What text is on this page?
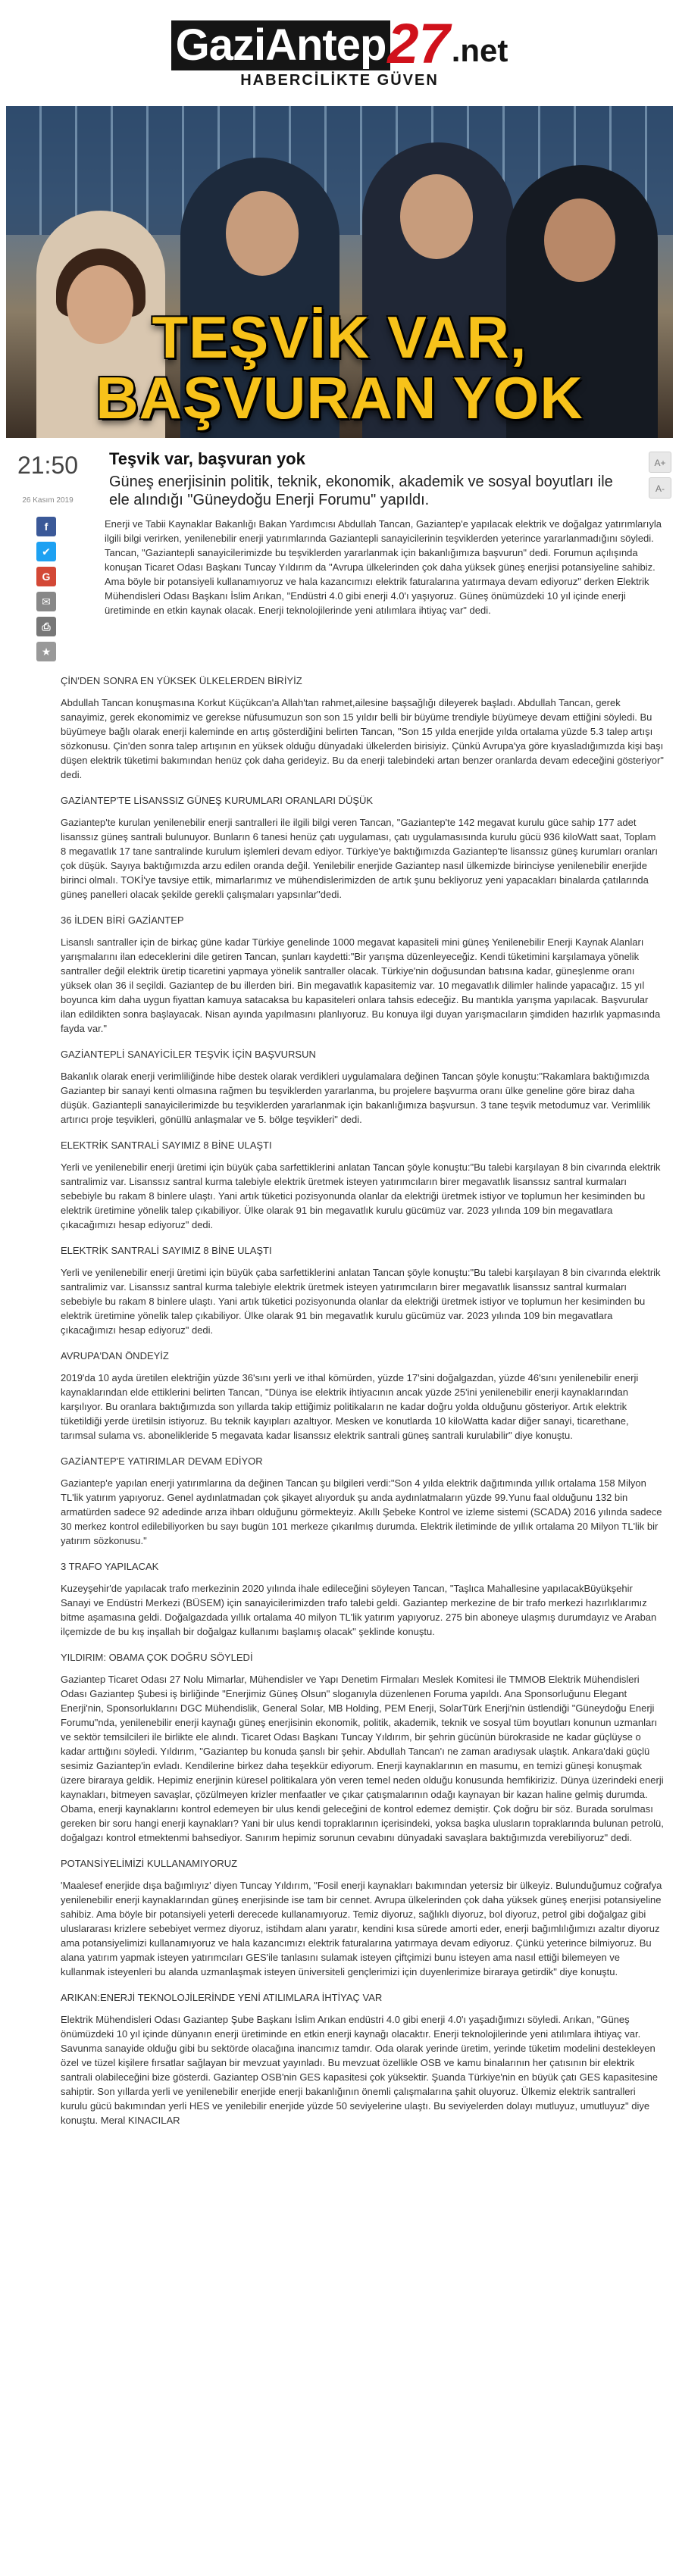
GaziAntep 27 .net
HABERCİLİKTE GÜVEN
TEŞVİK VAR,
BAŞVURAN YOK
21:50
26 Kasım 2019
Teşvik var, başvuran yok

Güneş enerjisinin politik, teknik, ekonomik, akademik ve sosyal boyutları ile ele alındığı "Güneydoğu Enerji Forumu" yapıldı.

A+
A-
f
✔
G
✉
⎙
★

Enerji ve Tabii Kaynaklar Bakanlığı Bakan Yardımcısı Abdullah Tancan, Gaziantep'e yapılacak elektrik ve doğalgaz yatırımlarıyla ilgili bilgi verirken, yenilenebilir enerji yatırımlarında Gaziantepli sanayicilerinin teşviklerden yeterince yararlanmadığını söyledi. Tancan, "Gaziantepli sanayicilerimizde bu teşviklerden yararlanmak için bakanlığımıza başvurun" dedi. Forumun açılışında konuşan Ticaret Odası Başkanı Tuncay Yıldırım da "Avrupa ülkelerinden çok daha yüksek güneş enerjisi potansiyeline sahibiz. Ama böyle bir potansiyeli kullanamıyoruz ve hala kazancımızı elektrik faturalarına yatırmaya devam ediyoruz" derken Elektrik Mühendisleri Odası Başkanı İslim Arıkan, "Endüstri 4.0 gibi enerji 4.0'ı yaşıyoruz. Güneş önümüzdeki 10 yıl içinde enerji üretiminde en etkin kaynak olacak. Enerji teknolojilerinde yeni atılımlara ihtiyaç var" dedi.

ÇİN'DEN SONRA EN YÜKSEK ÜLKELERDEN BİRİYİZ

Abdullah Tancan konuşmasına Korkut Küçükcan'a Allah'tan rahmet,ailesine başsağlığı dileyerek başladı. Abdullah Tancan, gerek sanayimiz, gerek ekonomimiz ve gerekse nüfusumuzun son son 15 yıldır belli bir büyüme trendiyle büyümeye devam ettiğini söyledi. Bu büyümeye bağlı olarak enerji kaleminde en artış gösterdiğini belirten Tancan, "Son 15 yılda enerjide yılda ortalama yüzde 5.3 talep artışı sözkonusu. Çin'den sonra talep artışının en yüksek olduğu dünyadaki ülkelerden birisiyiz. Çünkü Avrupa'ya göre kıyasladığımızda kişi başı düşen elektrik tüketimi bakımından henüz çok daha gerideyiz. Bu da enerji talebindeki artan benzer oranlarda devam edeceğini gösteriyor" dedi.

GAZİANTEP'TE LİSANSSIZ GÜNEŞ KURUMLARI ORANLARI DÜŞÜK

Gaziantep'te kurulan yenilenebilir enerji santralleri ile ilgili bilgi veren Tancan, "Gaziantep'te 142 megavat kurulu güce sahip 177 adet lisanssız güneş santrali bulunuyor. Bunların 6 tanesi henüz çatı uygulaması, çatı uygulamasısında kurulu gücü 936 kiloWatt saat, Toplam 8 megavatlık 17 tane santralinde kurulum işlemleri devam ediyor. Türkiye'ye baktığımızda Gaziantep'te lisanssız güneş kurumları oranları çok düşük. Sayıya baktığımızda arzu edilen oranda değil. Yenilebilir enerjide Gaziantep nasıl ülkemizde birinciyse yenilenebilir enerjide birinci olmalı. TOKİ'ye tavsiye ettik, mimarlarımız ve mühendislerimizden de artık şunu bekliyoruz yeni yapacakları binalarda çatılarında güneş panelleri olacak şekilde gerekli çalışmaları yapsınlar"dedi.

36 İLDEN BİRİ GAZİANTEP

Lisanslı santraller için de birkaç güne kadar Türkiye genelinde 1000 megavat kapasiteli mini güneş Yenilenebilir Enerji Kaynak Alanları yarışmalarını ilan edeceklerini dile getiren Tancan, şunları kaydetti:"Bir yarışma düzenleyeceğiz. Kendi tüketimini karşılamaya yönelik santraller değil elektrik üretip ticaretini yapmaya yönelik santraller olacak. Türkiye'nin doğusundan batısına kadar, güneşlenme oranı yüksek olan 36 il seçildi. Gaziantep de bu illerden biri. Bin megavatlık kapasitemiz var. 10 megavatlık dilimler halinde yapacağız. 15 yıl boyunca kim daha uygun fiyattan kamuya satacaksa bu kapasiteleri onlara tahsis edeceğiz. Bu mantıkla yarışma yapılacak. Başvurular ilan edildikten sonra başlayacak. Nisan ayında yapılmasını planlıyoruz. Bu konuya ilgi duyan yarışmacıların şimdiden hazırlık yapmasında fayda var."

GAZİANTEPLİ SANAYİCİLER TEŞVİK İÇİN BAŞVURSUN

Bakanlık olarak enerji verimliliğinde hibe destek olarak verdikleri uygulamalara değinen Tancan şöyle konuştu:"Rakamlara baktığımızda Gaziantep bir sanayi kenti olmasına rağmen bu teşviklerden yararlanma, bu projelere başvurma oranı ülke geneline göre biraz daha düşük. Gaziantepli sanayicilerimizde bu teşviklerden yararlanmak için bakanlığımıza başvursun. 3 tane teşvik metodumuz var. Verimlilik artırıcı proje teşvikleri, gönüllü anlaşmalar ve 5. bölge teşvikleri" dedi.

ELEKTRİK SANTRALİ SAYIMIZ 8 BİNE ULAŞTI

Yerli ve yenilenebilir enerji üretimi için büyük çaba sarfettiklerini anlatan Tancan şöyle konuştu:"Bu talebi karşılayan 8 bin civarında elektrik santralimiz var. Lisanssız santral kurma talebiyle elektrik üretmek isteyen yatırımcıların birer megavatlık lisanssız santral kurmaları sebebiyle bu rakam 8 binlere ulaştı. Yani artık tüketici pozisyonunda olanlar da elektriği üretmek istiyor ve toplumun her kesiminden bu elektrik üretimine yönelik talep çıkabiliyor. Ülke olarak 91 bin megavatlık kurulu gücümüz var. 2023 yılında 109 bin megavatlara çıkacağımızı hesap ediyoruz" dedi.

ELEKTRİK SANTRALİ SAYIMIZ 8 BİNE ULAŞTI

Yerli ve yenilenebilir enerji üretimi için büyük çaba sarfettiklerini anlatan Tancan şöyle konuştu:"Bu talebi karşılayan 8 bin civarında elektrik santralimiz var. Lisanssız santral kurma talebiyle elektrik üretmek isteyen yatırımcıların birer megavatlık lisanssız santral kurmaları sebebiyle bu rakam 8 binlere ulaştı. Yani artık tüketici pozisyonunda olanlar da elektriği üretmek istiyor ve toplumun her kesiminden bu elektrik üretimine yönelik talep çıkabiliyor. Ülke olarak 91 bin megavatlık kurulu gücümüz var. 2023 yılında 109 bin megavatlara çıkacağımızı hesap ediyoruz" dedi.

AVRUPA'DAN ÖNDEYİZ

2019'da 10 ayda üretilen elektriğin yüzde 36'sını yerli ve ithal kömürden, yüzde 17'sini doğalgazdan, yüzde 46'sını yenilenebilir enerji kaynaklarından elde ettiklerini belirten Tancan, "Dünya ise elektrik ihtiyacının ancak yüzde 25'ini yenilenebilir enerji kaynaklarından karşılıyor. Bu oranlara baktığımızda son yıllarda takip ettiğimiz politikaların ne kadar doğru yolda olduğunu gösteriyor. Artık elektrik tüketildiği yerde üretilsin istiyoruz. Bu teknik kayıpları azaltıyor. Mesken ve konutlarda 10 kiloWatta kadar diğer sanayi, ticarethane, tarımsal sulama vs. abonelikleride 5 megavata kadar lisanssız elektrik santrali güneş santrali kurulabilir" diye konuştu.

GAZİANTEP'E YATIRIMLAR DEVAM EDİYOR

Gaziantep'e yapılan enerji yatırımlarına da değinen Tancan şu bilgileri verdi:"Son 4 yılda elektrik dağıtımında yıllık ortalama 158 Milyon TL'lik yatırım yapıyoruz. Genel aydınlatmadan çok şikayet alıyorduk şu anda aydınlatmaların yüzde 99.Yunu faal olduğunu 132 bin armatürden sadece 92 adedinde arıza ihbarı olduğunu görmekteyiz. Akıllı Şebeke Kontrol ve izleme sistemi (SCADA) 2016 yılında sadece 30 merkez kontrol edilebiliyorken bu sayı bugün 101 merkeze çıkarılmış durumda. Elektrik iletiminde de yıllık ortalama 20 Milyon TL'lik bir yatırım sözkonusu."

3 TRAFO YAPILACAK

Kuzeyşehir'de yapılacak trafo merkezinin 2020 yılında ihale edileceğini söyleyen Tancan, "Taşlıca Mahallesine yapılacakBüyükşehir Sanayi ve Endüstri Merkezi (BÜSEM) için sanayicilerimizden trafo talebi geldi. Gaziantep merkezine de bir trafo merkezi hazırlıklarımız bitme aşamasına geldi. Doğalgazdada yıllık ortalama 40 milyon TL'lik yatırım yapıyoruz. 275 bin aboneye ulaşmış durumdayız ve Araban ilçemizde de bu kış inşallah bir doğalgaz kullanımı başlamış olacak" şeklinde konuştu.

YILDIRIM: OBAMA ÇOK DOĞRU SÖYLEDİ

Gaziantep Ticaret Odası 27 Nolu Mimarlar, Mühendisler ve Yapı Denetim Firmaları Meslek Komitesi ile TMMOB Elektrik Mühendisleri Odası Gaziantep Şubesi iş birliğinde "Enerjimiz Güneş Olsun" sloganıyla düzenlenen Foruma yapıldı. Ana Sponsorluğunu Elegant Enerji'nin, Sponsorluklarını DGC Mühendislik, General Solar, MB Holding, PEM Enerji, SolarTürk Enerji'nin üstlendiği "Güneydoğu Enerji Forumu"nda, yenilenebilir enerji kaynağı güneş enerjisinin ekonomik, politik, akademik, teknik ve sosyal tüm boyutları konunun uzmanları ve sektör temsilcileri ile birlikte ele alındı. Ticaret Odası Başkanı Tuncay Yıldırım, bir şehrin gücünün bürokraside ne kadar güçlüyse o kadar arttığını söyledi. Yıldırım, "Gaziantep bu konuda şanslı bir şehir. Abdullah Tancan'ı ne zaman aradıysak ulaştık. Ankara'daki güçlü sesimiz Gaziantep'in evladı. Kendilerine birkez daha teşekkür ediyorum. Enerji kaynaklarının en masumu, en temizi güneşi konuşmak üzere biraraya geldik. Hepimiz enerjinin küresel politikalara yön veren temel neden olduğu konusunda hemfikiriziz. Dünya üzerindeki enerji kaynakları, bitmeyen savaşlar, çözülmeyen krizler menfaatler ve çıkar çatışmalarının odağı kaynayan bir kazan haline gelmiş durumda. Obama, enerji kaynaklarını kontrol edemeyen bir ulus kendi geleceğini de kontrol edemez demiştir. Çok doğru bir söz. Burada sorulması gereken bir soru hangi enerji kaynakları? Yani bir ulus kendi topraklarının içerisindeki, yoksa başka ulusların topraklarında bulunan petrolü, doğalgazı kontrol etmektenmi bahsediyor. Sanırım hepimiz sorunun cevabını dünyadaki savaşlara baktığımızda verebiliyoruz" dedi.

POTANSİYELİMİZİ KULLANAMIYORUZ

'Maalesef enerjide dışa bağımlıyız' diyen Tuncay Yıldırım, "Fosil enerji kaynakları bakımından yetersiz bir ülkeyiz. Bulunduğumuz coğrafya yenilenebilir enerji kaynaklarından güneş enerjisinde ise tam bir cennet. Avrupa ülkelerinden çok daha yüksek güneş enerjisi potansiyeline sahibiz. Ama böyle bir potansiyeli yeterli derecede kullanamıyoruz. Temiz diyoruz, sağlıklı diyoruz, bol diyoruz, petrol gibi doğalgaz gibi uluslararası krizlere sebebiyet vermez diyoruz, istihdam alanı yaratır, kendini kısa sürede amorti eder, enerji bağımlılığımızı azaltır diyoruz ama potansiyelimizi kullanamıyoruz ve hala kazancımızı elektrik faturalarına yatırmaya devam ediyoruz. Çünkü yeterince bilmiyoruz. Bu alana yatırım yapmak isteyen yatırımcıları GES'ile tanlasını sulamak isteyen çiftçimizi bunu isteyen ama nasıl ettiği bilemeyen ve kullanmak isteyenleri bu alanda uzmanlaşmak isteyen üniversiteli gençlerimizi için duyenlerimize biraraya getirdik" diye konuştu.

ARIKAN:ENERJİ TEKNOLOJİLERİNDE YENİ ATILIMLARA İHTİYAÇ VAR

Elektrik Mühendisleri Odası Gaziantep Şube Başkanı İslim Arıkan endüstri 4.0 gibi enerji 4.0'ı yaşadığımızı söyledi. Arıkan, "Güneş önümüzdeki 10 yıl içinde dünyanın enerji üretiminde en etkin enerji kaynağı olacaktır. Enerji teknolojilerinde yeni atılımlara ihtiyaç var. Savunma sanayide olduğu gibi bu sektörde olacağına inancımız tamdır. Oda olarak yerinde üretim, yerinde tüketim modelini destekleyen özel ve tüzel kişilere fırsatlar sağlayan bir mevzuat yayınladı. Bu mevzuat özellikle OSB ve kamu binalarının her çatısının bir elektrik santrali olabileceğini bize gösterdi. Gaziantep OSB'nin GES kapasitesi çok yüksektir. Şuanda Türkiye'nin en büyük çatı GES kapasitesine sahiptir. Son yıllarda yerli ve yenilenebilir enerjide enerji bakanlığının önemli çalışmalarına şahit oluyoruz. Ülkemiz elektrik santralleri kurulu gücü bakımından yerli HES ve yenilebilir enerjide yüzde 50 seviyelerine ulaştı. Bu seviyelerden dolayı mutluyuz, umutluyuz" diye konuştu. Meral KINACILAR
